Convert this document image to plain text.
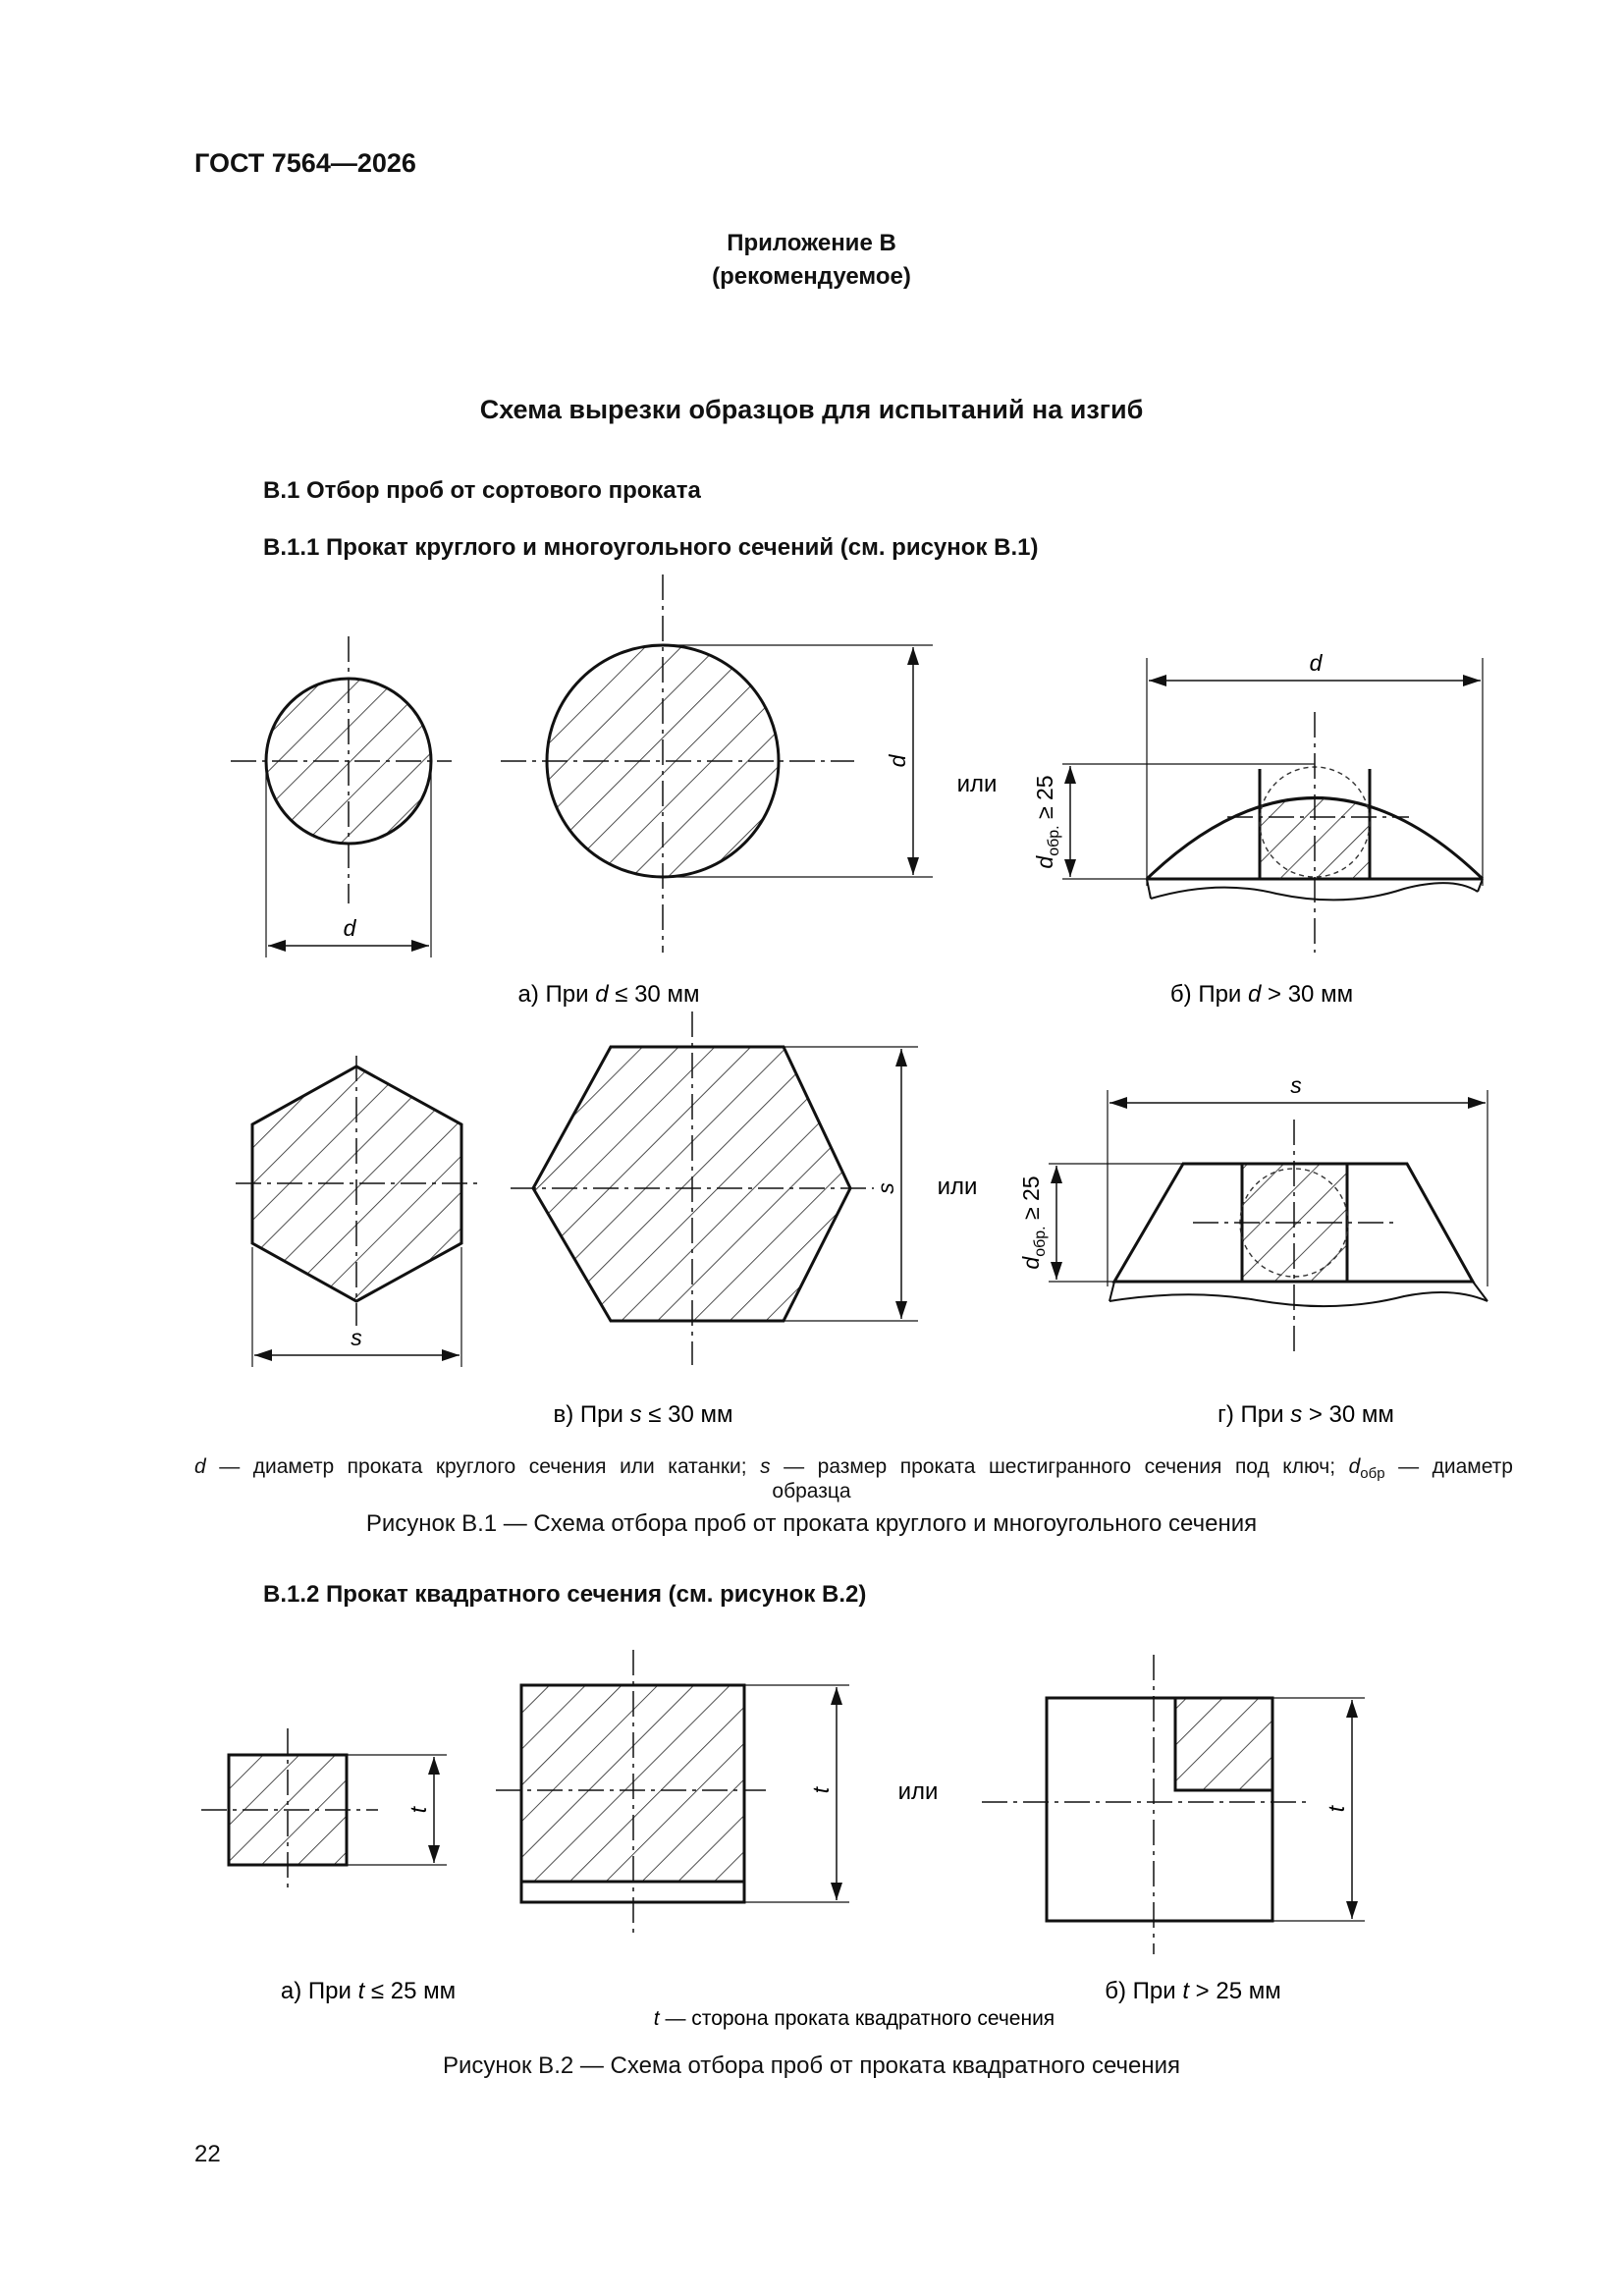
ГОСТ 7564—2026
Приложение В
(рекомендуемое)
Схема вырезки образцов для испытаний на изгиб
В.1 Отбор проб от сортового проката
В.1.1 Прокат круглого и многоугольного сечений (см. рисунок В.1)
d
d
или
d
$d_{обр.} \ge 25$
а) При d ≤ 30 мм	б) При d > 30 мм
s
s или
s
$d_{обр.} \ge 25$
в) При s ≤ 30 мм	г) При s > 30 мм
d — диаметр проката круглого сечения или катанки; s — размер проката шестигранного сечения под ключ; $d_{обр}$ — диаметр
образца
Рисунок В.1 — Схема отбора проб от проката круглого и многоугольного сечения
В.1.2 Прокат квадратного сечения (см. рисунок В.2)
t
t	или
t
а) При t ≤ 25 мм	б) При t > 25 мм
t — сторона проката квадратного сечения
Рисунок В.2 — Схема отбора проб от проката квадратного сечения
22
